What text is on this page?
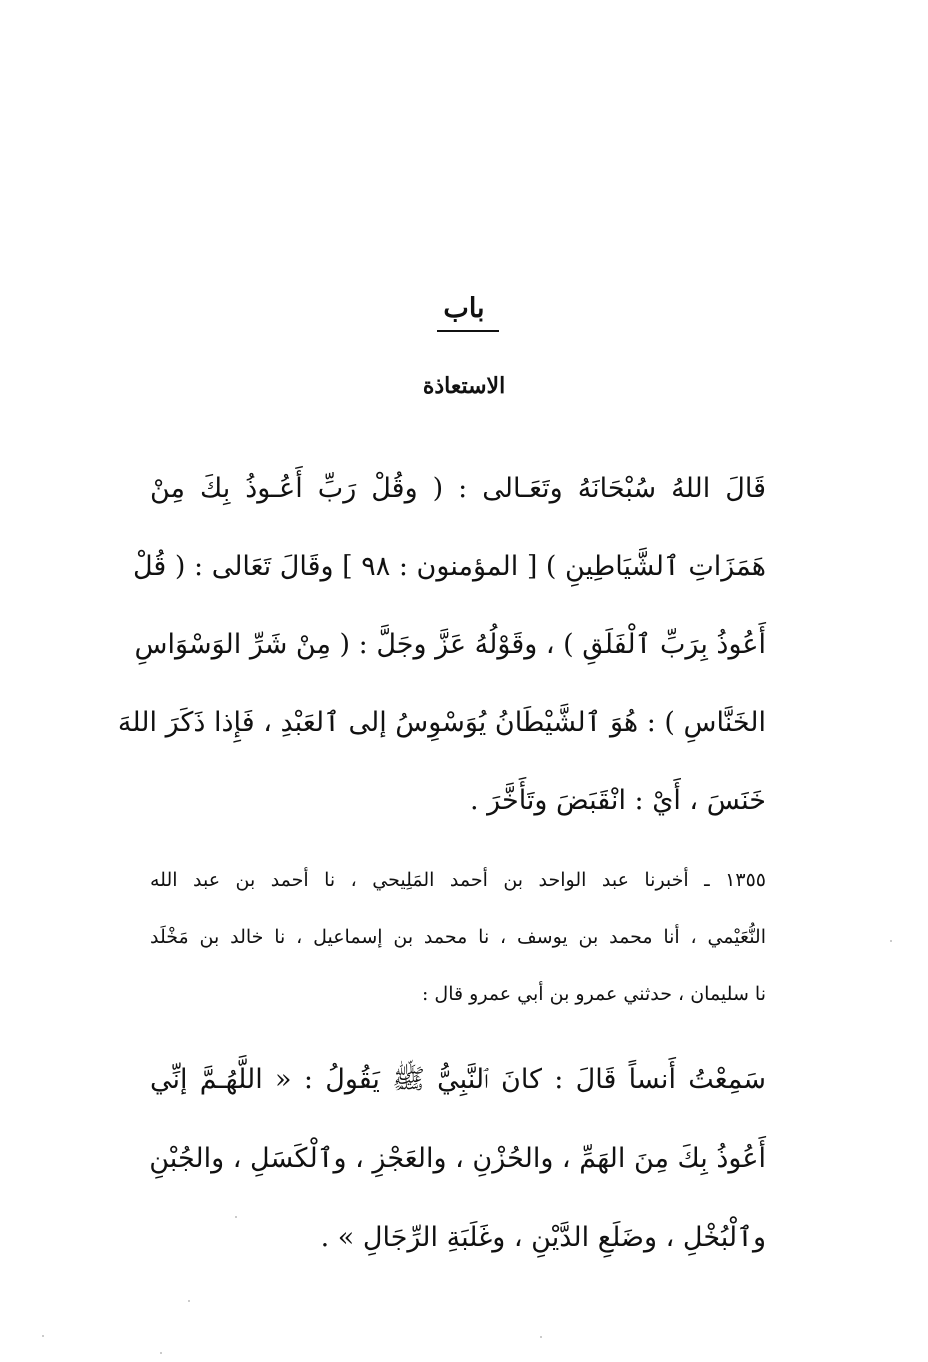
باب
الاستعاذة
قَالَ اللهُ سُبْحَانَهُ وتَعَـالى : ( وقُلْ رَبِّ أَعُـوذُ بِكَ مِنْ
هَمَزَاتِ ٱلشَّيَاطِينِ ) [ المؤمنون : ٩٨ ] وقَالَ تَعَالى : ( قُلْ
أَعُوذُ بِرَبِّ ٱلْفَلَقِ ) ، وقَوْلُهُ عَزَّ وجَلَّ : ( مِنْ شَرِّ الوَسْوَاسِ
الخَنَّاسِ ) : هُوَ ٱلشَّيْطَانُ يُوَسْوِسُ إلى ٱلعَبْدِ ، فَإِذا ذَكَرَ اللهَ
خَنَسَ ، أَيْ : انْقَبَضَ وتَأَخَّرَ .
١٣٥٥ ـ أخبرنا عبد الواحد بن أحمد المَلِيحي ، نا أحمد بن عبد الله
النُّعَيْمي ، أنا محمد بن يوسف ، نا محمد بن إسماعيل ، نا خالد بن مَخْلَد
نا سليمان ، حدثني عمرو بن أبي عمرو قال :
سَمِعْتُ أَنساً قَالَ : كانَ ٱلنَّبِيُّ ﷺ يَقُولُ : « اللَّهُـمَّ إنِّي
أَعُوذُ بِكَ مِنَ الهَمِّ ، والحُزْنِ ، والعَجْزِ ، وٱلْكَسَلِ ، والجُبْنِ
وٱلْبُخْلِ ، وضَلَعِ الدَّيْنِ ، وغَلَبَةِ الرِّجَالِ » .
